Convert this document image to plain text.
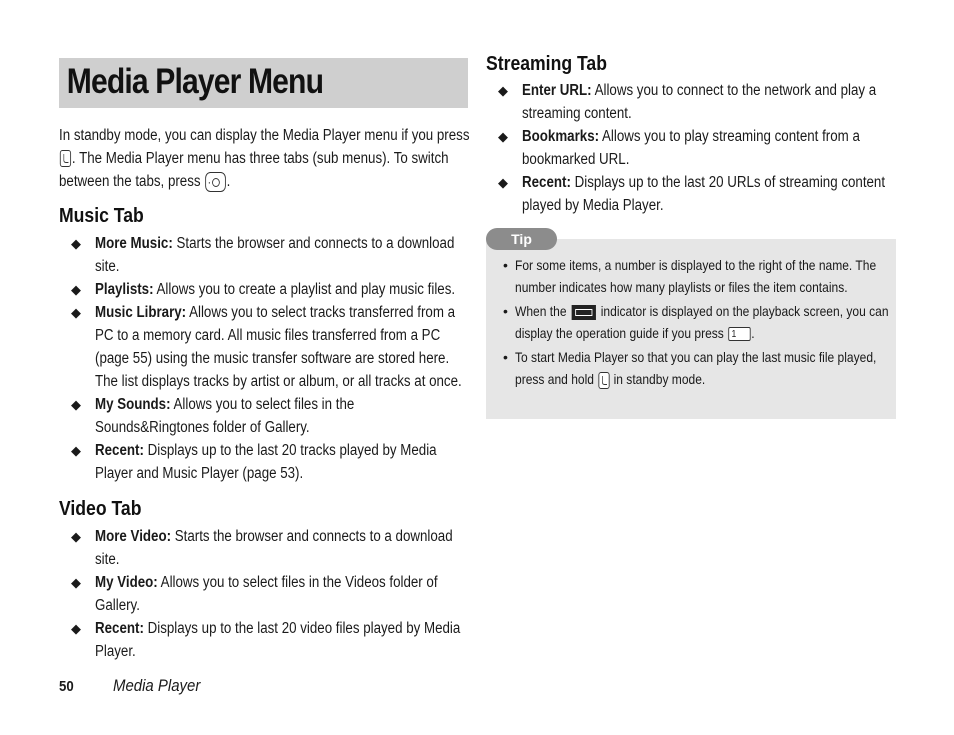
Media Player Menu

In standby mode, you can display the Media Player menu if you press . The Media Player menu has three tabs (sub menus). To switch between the tabs, press · .

Music Tab
◆ More Music: Starts the browser and connects to a download site.
◆ Playlists: Allows you to create a playlist and play music files.
◆ Music Library: Allows you to select tracks transferred from a PC to a memory card. All music files transferred from a PC (page 55) using the music transfer software are stored here. The list displays tracks by artist or album, or all tracks at once.
◆ My Sounds: Allows you to select files in the Sounds&Ringtones folder of Gallery.
◆ Recent: Displays up to the last 20 tracks played by Media Player and Music Player (page 53).
Video Tab
◆ More Video: Starts the browser and connects to a download site.
◆ My Video: Allows you to select files in the Videos folder of Gallery.
◆ Recent: Displays up to the last 20 video files played by Media Player.
Streaming Tab
◆ Enter URL: Allows you to connect to the network and play a streaming content.
◆ Bookmarks: Allows you to play streaming content from a bookmarked URL.
◆ Recent: Displays up to the last 20 URLs of streaming content played by Media Player.
Tip
• For some items, a number is displayed to the right of the name. The number indicates how many playlists or files the item contains.
• When the indicator is displayed on the playback screen, you can display the operation guide if you press 1 .
• To start Media Player so that you can play the last music file played, press and hold in standby mode.
50 Media Player
